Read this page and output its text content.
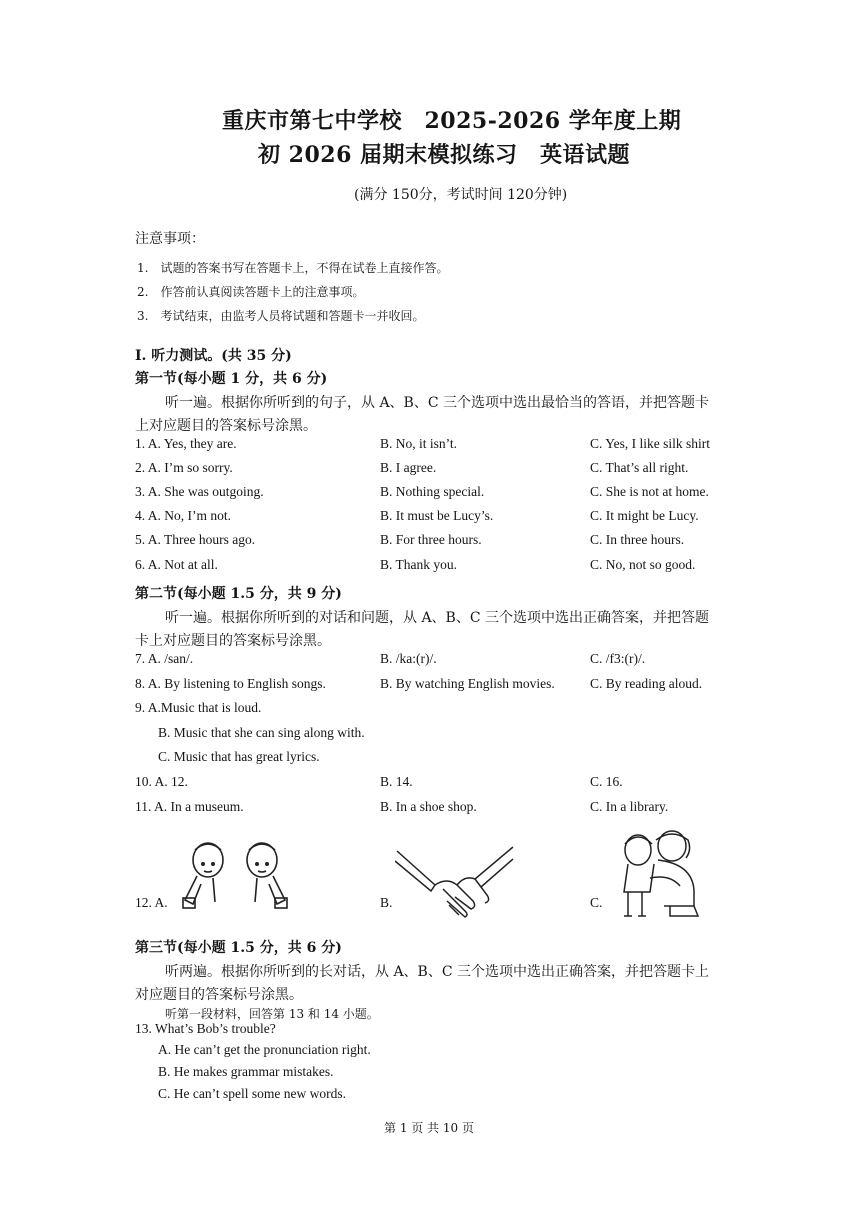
重庆市第七中学校　2025-2026 学年度上期
初 2026 届期末模拟练习　英语试题
(满分 150分，考试时间 120分钟)
注意事项：
1.　试题的答案书写在答题卡上，不得在试卷上直接作答。
2.　作答前认真阅读答题卡上的注意事项。
3.　考试结束，由监考人员将试题和答题卡一并收回。
I. 听力测试。(共 35 分)
第一节(每小题 1 分，共 6 分)
听一遍。根据你所听到的句子，从 A、B、C 三个选项中选出最恰当的答语，并把答题卡
上对应题目的答案标号涂黑。
1. A. Yes, they are.	B. No, it isn’t.	C. Yes, I like silk shirt
2. A. I’m so sorry.	B. I agree.	C. That’s all right.
3. A. She was outgoing.	B. Nothing special.	C. She is not at home.
4. A. No, I’m not.	B. It must be Lucy’s.	C. It might be Lucy.
5. A. Three hours ago.	B. For three hours.	C. In three hours.
6. A. Not at all.	B. Thank you.	C. No, not so good.
第二节(每小题 1.5 分，共 9 分)
听一遍。根据你所听到的对话和问题，从 A、B、C 三个选项中选出正确答案，并把答题
卡上对应题目的答案标号涂黑。
7. A. /san/.	B. /ka:(r)/.	C. /f3:(r)/.
8. A. By listening to English songs.	B. By watching English movies.	C. By reading aloud.
9. A.Music that is loud.
B. Music that she can sing along with.
C. Music that has great lyrics.
10. A. 12.	B. 14.	C. 16.
11. A. In a museum.	B. In a shoe shop.	C. In a library.
12. A.	B.	C.
第三节(每小题 1.5 分，共 6 分)
听两遍。根据你所听到的长对话，从 A、B、C 三个选项中选出正确答案，并把答题卡上
对应题目的答案标号涂黑。
听第一段材料，回答第 13 和 14 小题。
13. What’s Bob’s trouble?
A. He can’t get the pronunciation right.
B. He makes grammar mistakes.
C. He can’t spell some new words.
第 1 页 共 10 页
